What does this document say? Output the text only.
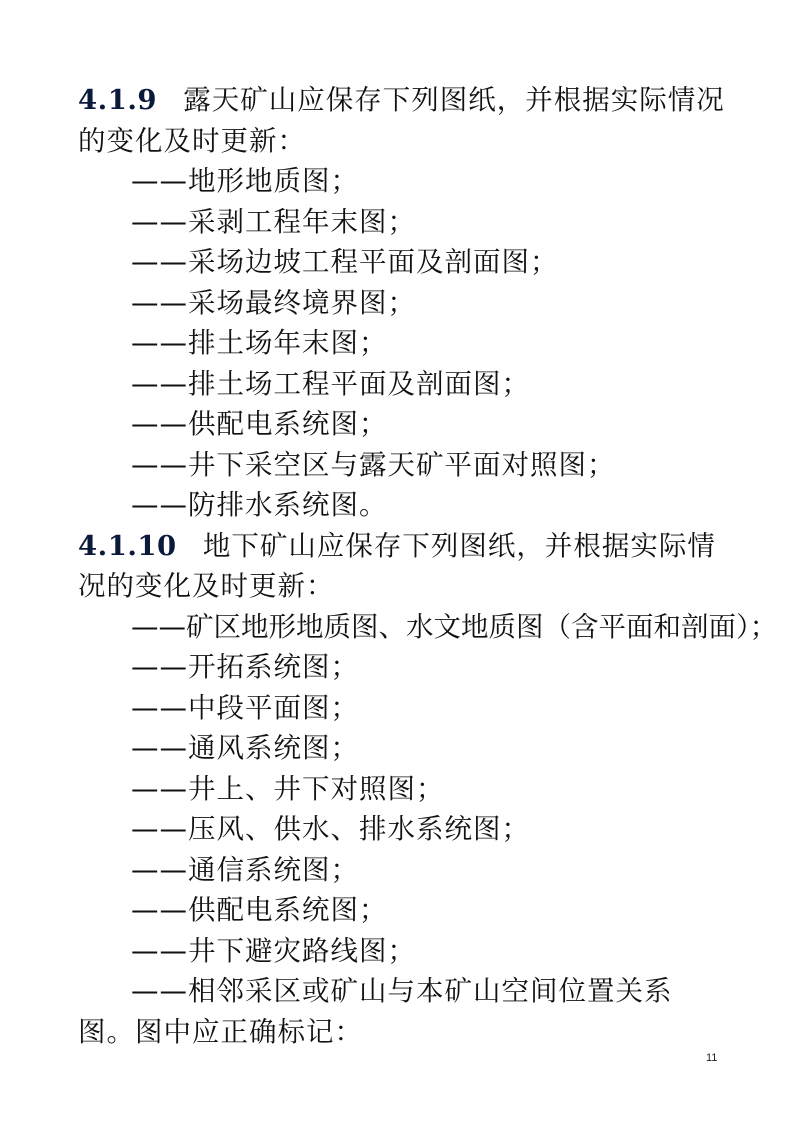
4.1.9 露天矿山应保存下列图纸，并根据实际情况的变化及时更新：

——地形地质图；

——采剥工程年末图；

——采场边坡工程平面及剖面图；

——采场最终境界图；

——排土场年末图；

——排土场工程平面及剖面图；

——供配电系统图；

——井下采空区与露天矿平面对照图；

——防排水系统图。

4.1.10 地下矿山应保存下列图纸，并根据实际情况的变化及时更新：

——矿区地形地质图、水文地质图（含平面和剖面）；

——开拓系统图；

——中段平面图；

——通风系统图；

——井上、井下对照图；

——压风、供水、排水系统图；

——通信系统图；

——供配电系统图；

——井下避灾路线图；

——相邻采区或矿山与本矿山空间位置关系图。图中应正确标记：

11
